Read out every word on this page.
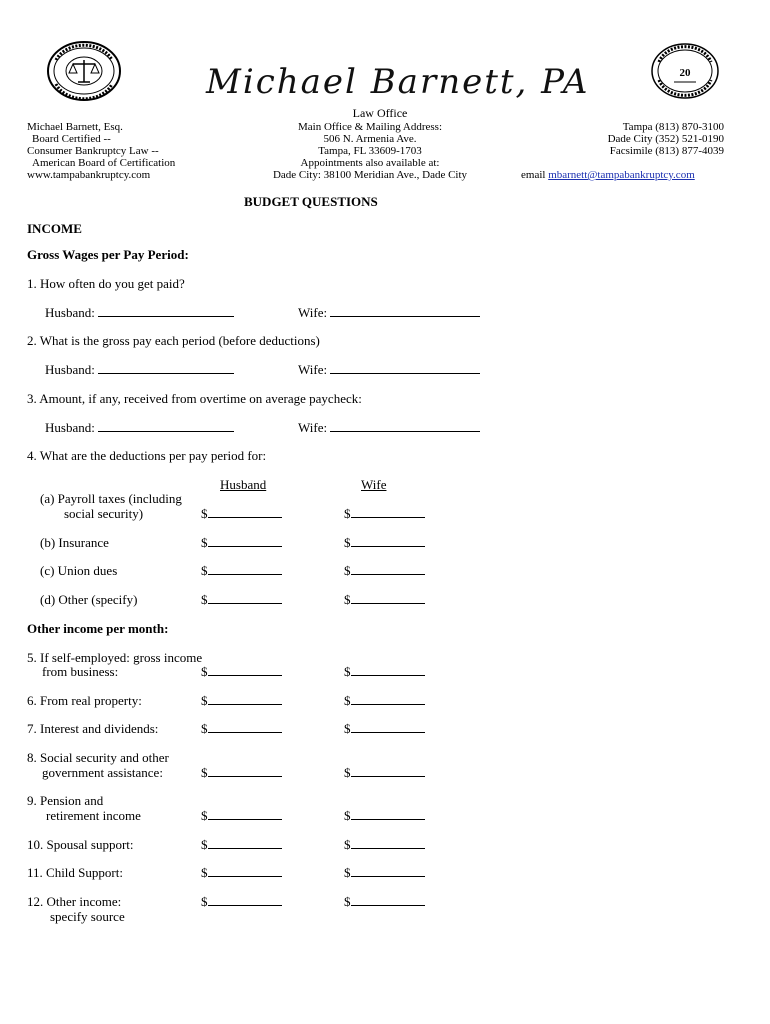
20
Michael Barnett, PA
Law Office
Michael Barnett, Esq.
Board Certified --
Consumer Bankruptcy Law --
American Board of Certification
www.tampabankruptcy.com
Main Office & Mailing Address:
506 N. Armenia Ave.
Tampa, FL 33609-1703
Appointments also available at:
Dade City: 38100 Meridian Ave., Dade City
Tampa (813) 870-3100
Dade City (352) 521-0190
Facsimile (813) 877-4039
email mbarnett@tampabankruptcy.com
BUDGET QUESTIONS
INCOME
Gross Wages per Pay Period:
1. How often do you get paid?
Husband:	Wife:
2. What is the gross pay each period (before deductions)
Husband:	Wife:
3. Amount, if any, received from overtime on average paycheck:
Husband:	Wife:
4. What are the deductions per pay period for:
Husband	Wife
(a) Payroll taxes (including
social security)	$	$
(b) Insurance	$	$
(c) Union dues	$	$
(d) Other (specify)	$	$
Other income per month:
5. If self-employed: gross income
from business:	$	$
6. From real property:	$	$
7. Interest and dividends:	$	$
8. Social security and other
government assistance:	$	$
9. Pension and
retirement income	$	$
10. Spousal support:	$	$
11. Child Support:	$	$
12. Other income:
specify source
$	$
